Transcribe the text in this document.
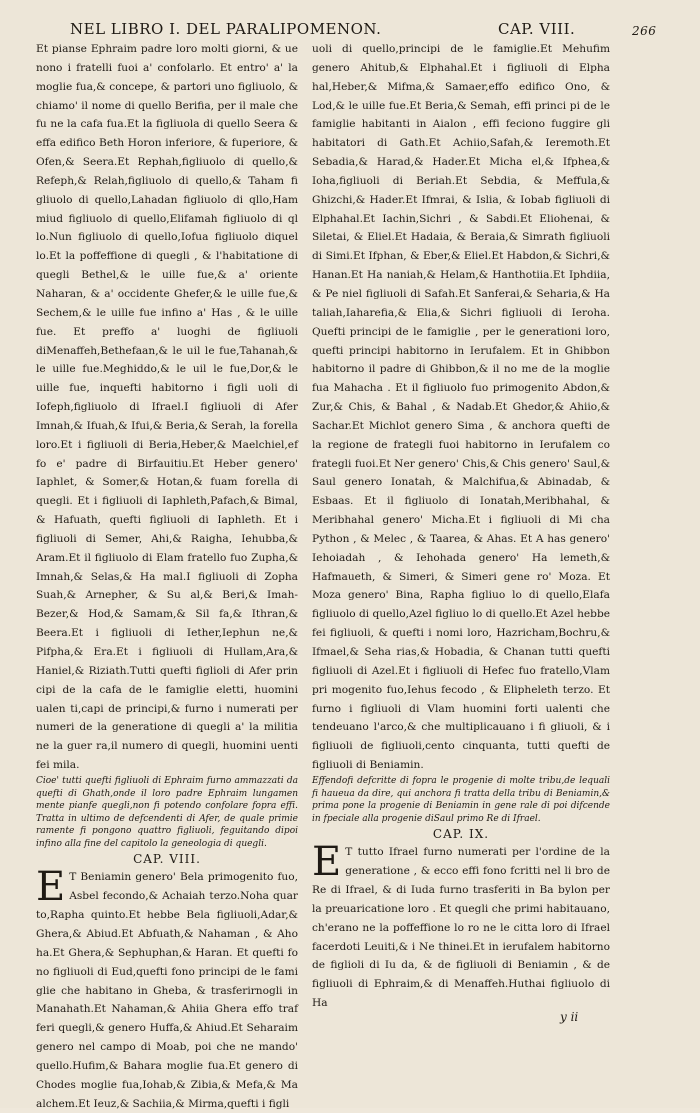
NEL LIBRO I. DEL PARALIPOMENON.	CAP. VIII.	266

Et pianse Ephraim padre loro molti giorni, & ue nono i fratelli fuoi a' confolarlo. Et entro' a' la moglie fua,& concepe, & partori uno figliuolo, & chiamo' il nome di quello Berifia, per il male che fu ne la cafa fua.Et la figliuola di quello Seera & effa edifico Beth Horon inferiore, & fuperiore, & Ofen,& Seera.Et Rephah,figliuolo di quello,& Refeph,& Relah,figliuolo di quello,& Taham fi gliuolo di quello,Lahadan figliuolo di qllo,Ham miud figliuolo di quello,Elifamah figliuolo di ql lo.Nun figliuolo di quello,Iofua figliuolo diquel lo.Et la poffeffione di quegli , & l'habitatione di quegli Bethel,& le uille fue,& a' oriente Naharan, & a' occidente Ghefer,& le uille fue,& Sechem,& le uille fue infino a' Has , & le uille fue. Et preffo a' luoghi de figliuoli diMenaffeh,Bethefaan,& le uil le fue,Tahanah,& le uille fue.Meghiddo,& le uil le fue,Dor,& le uille fue, inquefti habitorno i figli uoli di Iofeph,figliuolo di Ifrael.I figliuoli di Afer Imnah,& Ifuah,& Ifui,& Beria,& Serah, la forella loro.Et i figliuoli di Beria,Heber,& Maelchiel,ef fo e' padre di Birfauitiu.Et Heber genero' Iaphlet, & Somer,& Hotan,& fuam forella di quegli. Et i figliuoli di Iaphleth,Pafach,& Bimal, & Hafuath, quefti figliuoli di Iaphleth. Et i figliuoli di Semer, Ahi,& Raigha, Iehubba,& Aram.Et il figliuolo di Elam fratello fuo Zupha,& Imnah,& Selas,& Ha mal.I figliuoli di Zopha Suah,& Arnepher, & Su al,& Beri,& Imah-Bezer,& Hod,& Samam,& Sil fa,& Ithran,& Beera.Et i figliuoli di Iether,Iephun ne,& Pifpha,& Era.Et i figliuoli di Hullam,Ara,& Haniel,& Riziath.Tutti quefti figlioli di Afer prin cipi de la cafa de le famiglie eletti, huomini ualen ti,capi de principi,& furno i numerati per numeri de la generatione di quegli a' la militia ne la guer ra,il numero di quegli, huomini uenti fei mila.

Cioe' tutti quefti figliuoli di Ephraim furno ammazzati da quefti di Ghath,onde il loro padre Ephraim lungamen mente pianfe quegli,non fi potendo confolare fopra effi. Tratta in ultimo de defcendenti di Afer, de quale primie ramente fi pongono quattro figliuoli, feguitando dipoi infino alla fine del capitolo la geneologia di quegli.

CAP. VIII.

E T Beniamin genero' Bela primogenito fuo, Asbel fecondo,& Achaiah terzo.Noha quar to,Rapha quinto.Et hebbe Bela figliuoli,Adar,& Ghera,& Abiud.Et Abfuath,& Nahaman , & Aho ha.Et Ghera,& Sephuphan,& Haran. Et quefti fo no figliuoli di Eud,quefti fono principi de le fami glie che habitano in Gheba, & trasferirnogli in Manahath.Et Nahaman,& Ahiia Ghera effo traf feri quegli,& genero Huffa,& Ahiud.Et Seharaim genero nel campo di Moab, poi che ne mando' quello.Hufim,& Bahara moglie fua.Et genero di Chodes moglie fua,Iohab,& Zibia,& Mefa,& Ma alchem.Et Ieuz,& Sachiia,& Mirma,quefti i figli

uoli di quello,principi de le famiglie.Et Mehufim genero Ahitub,& Elphahal.Et i figliuoli di Elpha hal,Heber,& Mifma,& Samaer,effo edifico Ono, & Lod,& le uille fue.Et Beria,& Semah, effi princi pi de le famiglie habitanti in Aialon , effi feciono fuggire gli habitatori di Gath.Et Achiio,Safah,& Ieremoth.Et Sebadia,& Harad,& Hader.Et Micha el,& Ifphea,& Ioha,figliuoli di Beriah.Et Sebdia, & Meffula,& Ghizchi,& Hader.Et Ifmrai, & Islia, & Iobab figliuoli di Elphahal.Et Iachin,Sichri , & Sabdi.Et Eliohenai, & Siletai, & Eliel.Et Hadaia, & Beraia,& Simrath figliuoli di Simi.Et Ifphan, & Eber,& Eliel.Et Habdon,& Sichri,& Hanan.Et Ha naniah,& Helam,& Hanthotiia.Et Iphdiia, & Pe niel figliuoli di Safah.Et Sanferai,& Seharia,& Ha taliah,Iaharefia,& Elia,& Sichri figliuoli di Ieroha. Quefti principi de le famiglie , per le generationi loro, quefti principi habitorno in Ierufalem. Et in Ghibbon habitorno il padre di Ghibbon,& il no me de la moglie fua Mahacha . Et il figliuolo fuo primogenito Abdon,& Zur,& Chis, & Bahal , & Nadab.Et Ghedor,& Ahiio,& Sachar.Et Michlot genero Sima , & anchora quefti de la regione de frategli fuoi habitorno in Ierufalem co frategli fuoi.Et Ner genero' Chis,& Chis genero' Saul,& Saul genero Ionatah, & Malchifua,& Abinadab, & Esbaas. Et il figliuolo di Ionatah,Meribhahal, & Meribhahal genero' Micha.Et i figliuoli di Mi cha Python , & Melec , & Taarea, & Ahas. Et A has genero' Iehoiadah , & Iehohada genero' Ha lemeth,& Hafmaueth, & Simeri, & Simeri gene ro' Moza. Et Moza genero' Bina, Rapha figliuo lo di quello,Elafa figliuolo di quello,Azel figliuo lo di quello.Et Azel hebbe fei figliuoli, & quefti i nomi loro, Hazricham,Bochru,& Ifmael,& Seha rias,& Hobadia, & Chanan tutti quefti figliuoli di Azel.Et i figliuoli di Hefec fuo fratello,Vlam pri mogenito fuo,Iehus fecodo , & Elipheleth terzo. Et furno i figliuoli di Vlam huomini forti ualenti che tendeuano l'arco,& che multiplicauano i fi gliuoli, & i figliuoli de figliuoli,cento cinquanta, tutti quefti de figliuoli di Beniamin.

Effendofi defcritte di fopra le progenie di molte tribu,de lequali fi haueua da dire, qui anchora fi tratta della tribu di Beniamin,& prima pone la progenie di Beniamin in gene rale di poi difcende in fpeciale alla progenie diSaul primo Re di Ifrael.

CAP. IX.

E T tutto Ifrael furno numerati per l'ordine de la generatione , & ecco effi fono fcritti nel li bro de Re di Ifrael, & di Iuda furno trasferiti in Ba bylon per la preuaricatione loro . Et quegli che primi habitauano, ch'erano ne la poffeffione lo ro ne le citta loro di Ifrael facerdoti Leuiti,& i Ne thinei.Et in ierufalem habitorno de figlioli di Iu da, & de figliuoli di Beniamin , & de figliuoli di Ephraim,& di Menaffeh.Huthai figliuolo di Ha

y ii
